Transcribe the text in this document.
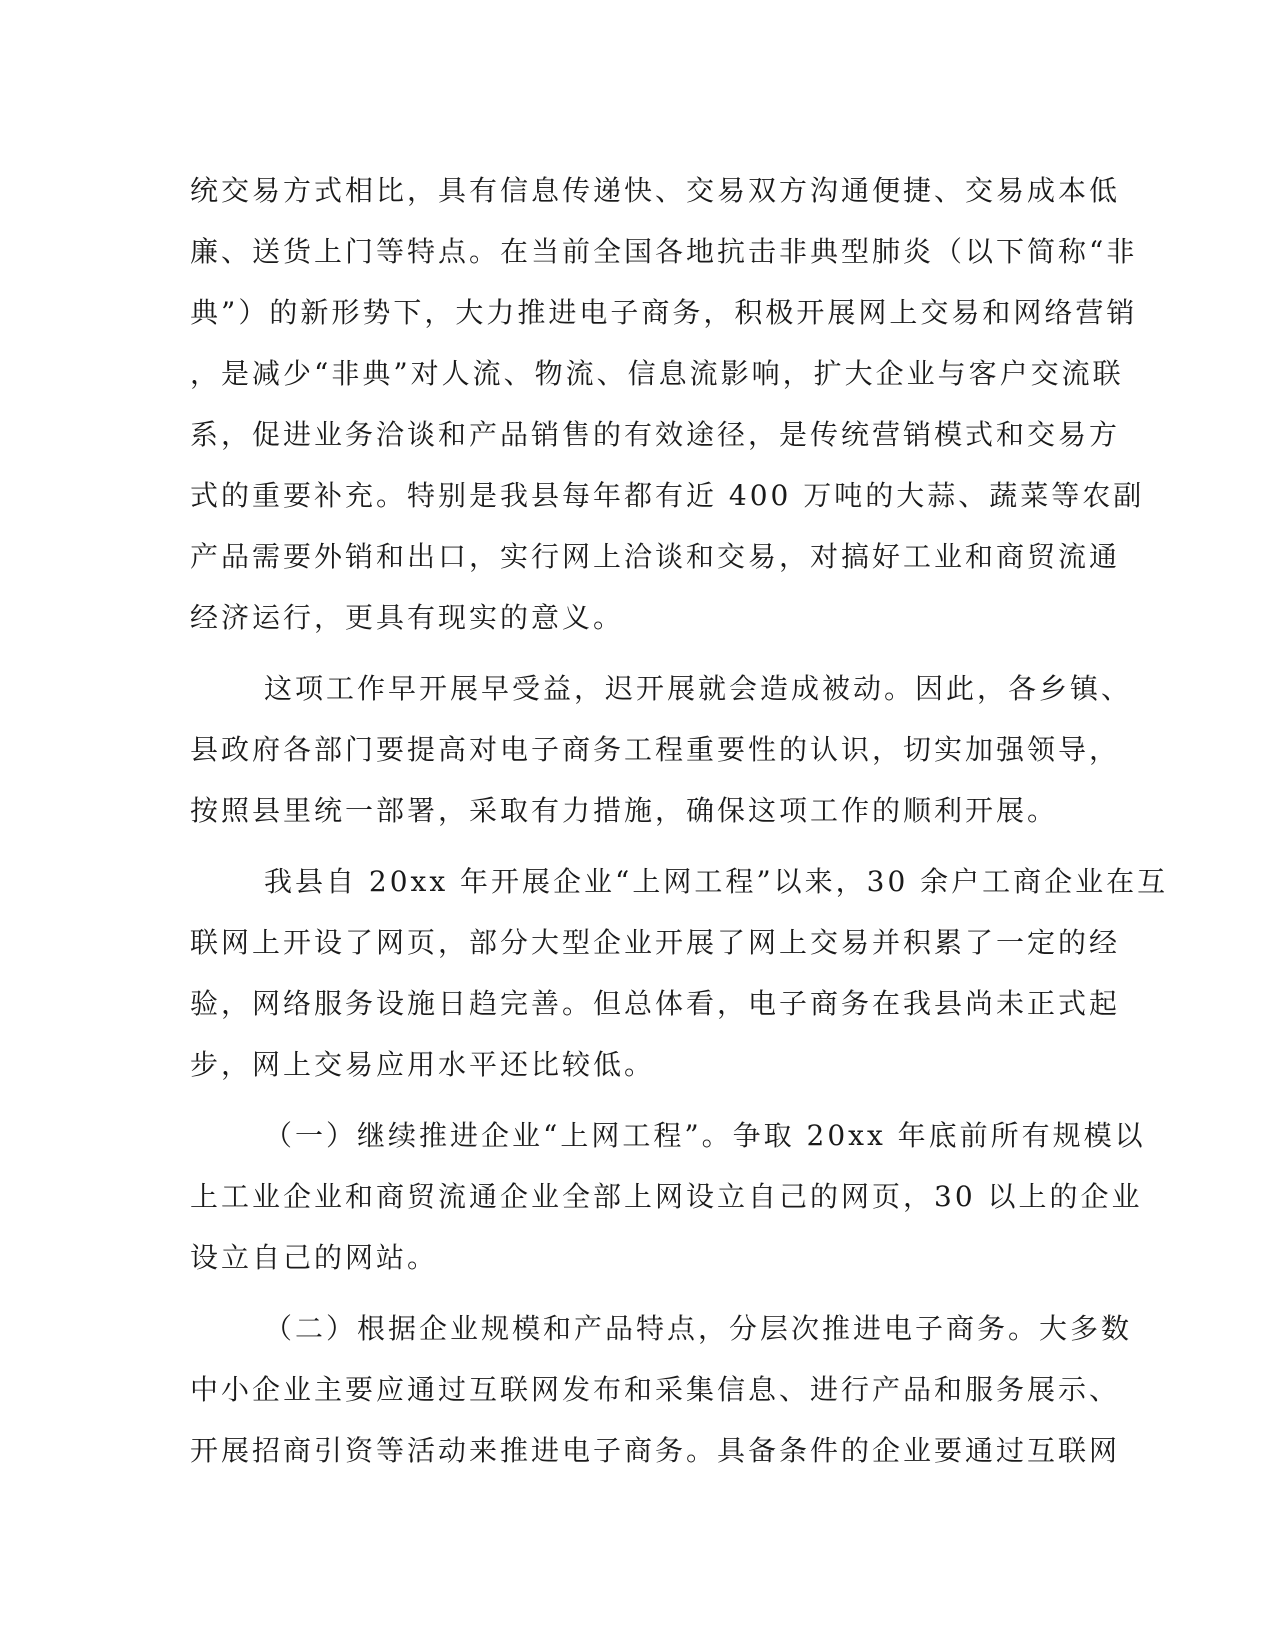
统交易方式相比，具有信息传递快、交易双方沟通便捷、交易成本低
廉、送货上门等特点。在当前全国各地抗击非典型肺炎（以下简称“非
典”）的新形势下，大力推进电子商务，积极开展网上交易和网络营销
，是减少“非典”对人流、物流、信息流影响，扩大企业与客户交流联
系，促进业务洽谈和产品销售的有效途径，是传统营销模式和交易方
式的重要补充。特别是我县每年都有近 400 万吨的大蒜、蔬菜等农副
产品需要外销和出口，实行网上洽谈和交易，对搞好工业和商贸流通
经济运行，更具有现实的意义。
这项工作早开展早受益，迟开展就会造成被动。因此，各乡镇、
县政府各部门要提高对电子商务工程重要性的认识，切实加强领导，
按照县里统一部署，采取有力措施，确保这项工作的顺利开展。
我县自 20xx 年开展企业“上网工程”以来，30 余户工商企业在互
联网上开设了网页，部分大型企业开展了网上交易并积累了一定的经
验，网络服务设施日趋完善。但总体看，电子商务在我县尚未正式起
步，网上交易应用水平还比较低。
（一）继续推进企业“上网工程”。争取 20xx 年底前所有规模以
上工业企业和商贸流通企业全部上网设立自己的网页，30 以上的企业
设立自己的网站。
（二）根据企业规模和产品特点，分层次推进电子商务。大多数
中小企业主要应通过互联网发布和采集信息、进行产品和服务展示、
开展招商引资等活动来推进电子商务。具备条件的企业要通过互联网
